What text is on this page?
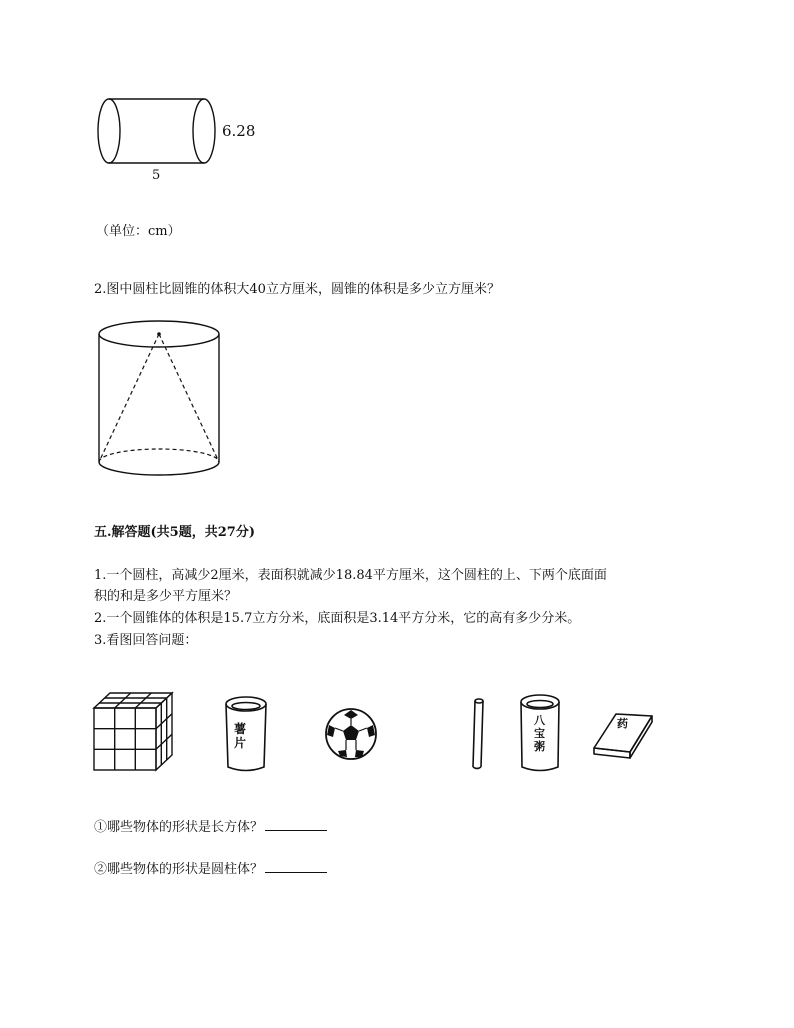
6.28
5
（单位：cm）
2.图中圆柱比圆锥的体积大40立方厘米，圆锥的体积是多少立方厘米？
五.解答题(共5题，共27分)
1.一个圆柱，高减少2厘米，表面积就减少18.84平方厘米，这个圆柱的上、下两个底面面
积的和是多少平方厘米？
2.一个圆锥体的体积是15.7立方分米，底面积是3.14平方分米，它的高有多少分米。
3.看图回答问题：
薯片
八宝粥
药
①哪些物体的形状是长方体？
②哪些物体的形状是圆柱体？
